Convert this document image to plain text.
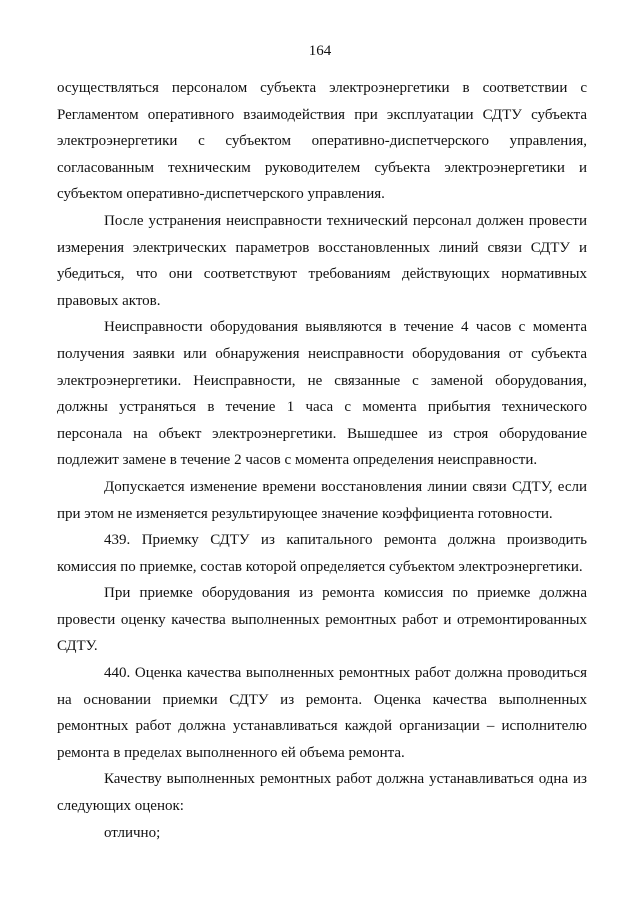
164

осуществляться персоналом субъекта электроэнергетики в соответствии с Регламентом оперативного взаимодействия при эксплуатации СДТУ субъекта электроэнергетики с субъектом оперативно-диспетчерского управления, согласованным техническим руководителем субъекта электроэнергетики и субъектом оперативно-диспетчерского управления.

После устранения неисправности технический персонал должен провести измерения электрических параметров восстановленных линий связи СДТУ и убедиться, что они соответствуют требованиям действующих нормативных правовых актов.

Неисправности оборудования выявляются в течение 4 часов с момента получения заявки или обнаружения неисправности оборудования от субъекта электроэнергетики. Неисправности, не связанные с заменой оборудования, должны устраняться в течение 1 часа с момента прибытия технического персонала на объект электроэнергетики. Вышедшее из строя оборудование подлежит замене в течение 2 часов с момента определения неисправности.

Допускается изменение времени восстановления линии связи СДТУ, если при этом не изменяется результирующее значение коэффициента готовности.

439. Приемку СДТУ из капитального ремонта должна производить комиссия по приемке, состав которой определяется субъектом электроэнергетики.

При приемке оборудования из ремонта комиссия по приемке должна провести оценку качества выполненных ремонтных работ и отремонтированных СДТУ.

440. Оценка качества выполненных ремонтных работ должна проводиться на основании приемки СДТУ из ремонта. Оценка качества выполненных ремонтных работ должна устанавливаться каждой организации – исполнителю ремонта в пределах выполненного ей объема ремонта.

Качеству выполненных ремонтных работ должна устанавливаться одна из следующих оценок:

отлично;
